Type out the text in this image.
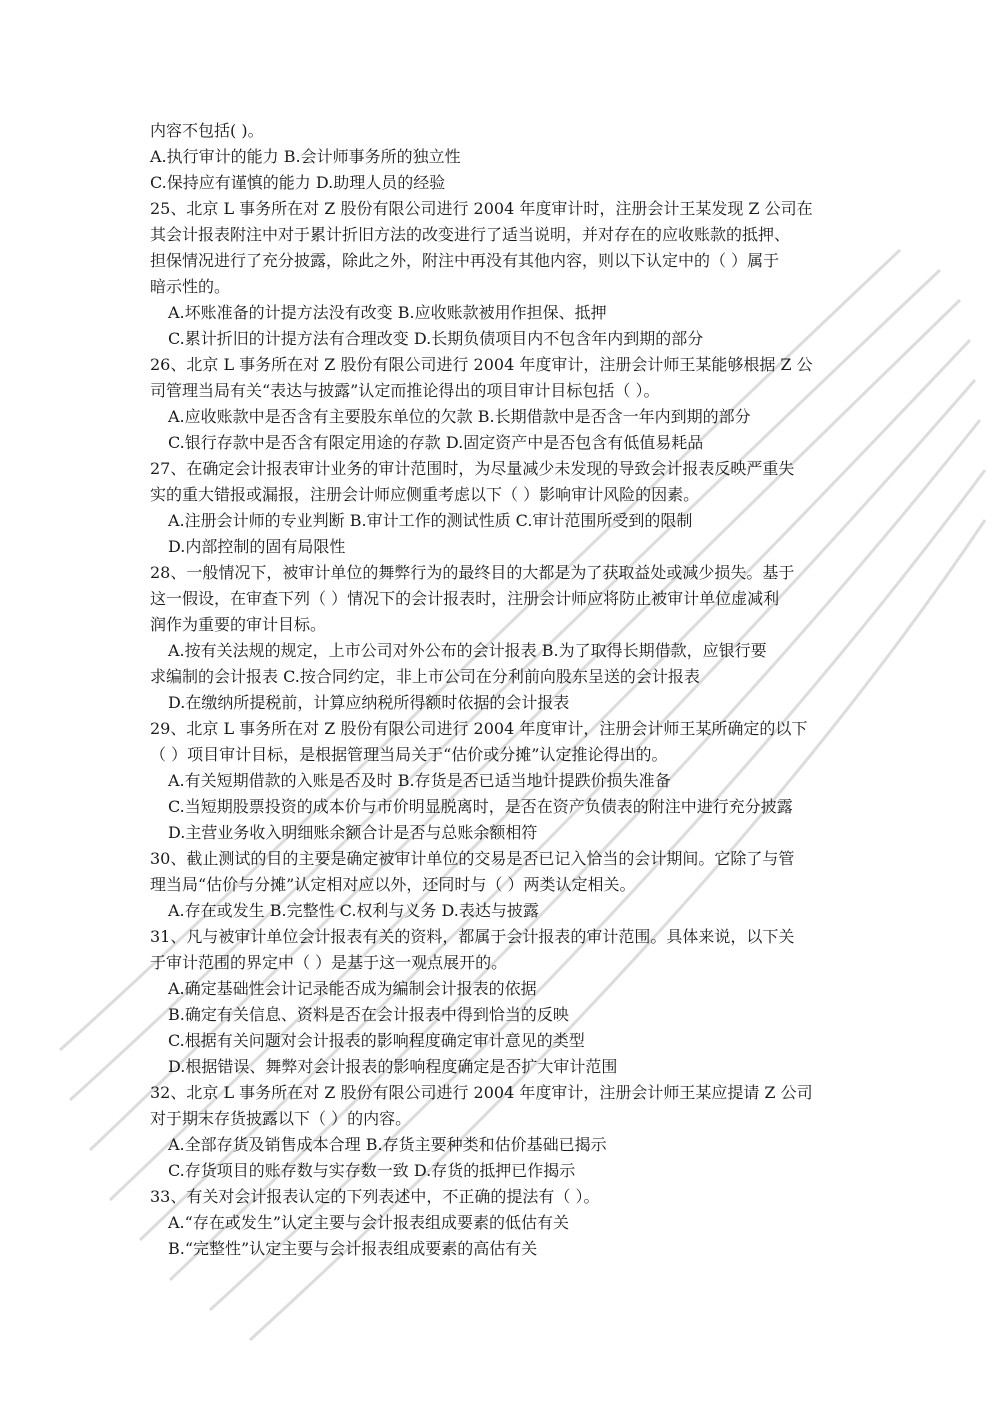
内容不包括( )。
A.执行审计的能力 B.会计师事务所的独立性
C.保持应有谨慎的能力 D.助理人员的经验
25、北京 L 事务所在对 Z 股份有限公司进行 2004 年度审计时，注册会计王某发现 Z 公司在
其会计报表附注中对于累计折旧方法的改变进行了适当说明，并对存在的应收账款的抵押、
担保情况进行了充分披露，除此之外，附注中再没有其他内容，则以下认定中的（ ）属于
暗示性的。
A.坏账准备的计提方法没有改变 B.应收账款被用作担保、抵押
C.累计折旧的计提方法有合理改变 D.长期负债项目内不包含年内到期的部分
26、北京 L 事务所在对 Z 股份有限公司进行 2004 年度审计，注册会计师王某能够根据 Z 公
司管理当局有关“表达与披露”认定而推论得出的项目审计目标包括（ ）。
A.应收账款中是否含有主要股东单位的欠款 B.长期借款中是否含一年内到期的部分
C.银行存款中是否含有限定用途的存款 D.固定资产中是否包含有低值易耗品
27、在确定会计报表审计业务的审计范围时，为尽量减少未发现的导致会计报表反映严重失
实的重大错报或漏报，注册会计师应侧重考虑以下（ ）影响审计风险的因素。
A.注册会计师的专业判断 B.审计工作的测试性质 C.审计范围所受到的限制
D.内部控制的固有局限性
28、一般情况下，被审计单位的舞弊行为的最终目的大都是为了获取益处或减少损失。基于
这一假设，在审查下列（ ）情况下的会计报表时，注册会计师应将防止被审计单位虚减利
润作为重要的审计目标。
A.按有关法规的规定，上市公司对外公布的会计报表 B.为了取得长期借款，应银行要
求编制的会计报表 C.按合同约定，非上市公司在分利前向股东呈送的会计报表
D.在缴纳所提税前，计算应纳税所得额时依据的会计报表
29、北京 L 事务所在对 Z 股份有限公司进行 2004 年度审计，注册会计师王某所确定的以下
（ ）项目审计目标，是根据管理当局关于“估价或分摊”认定推论得出的。
A.有关短期借款的入账是否及时 B.存货是否已适当地计提跌价损失准备
C.当短期股票投资的成本价与市价明显脱离时，是否在资产负债表的附注中进行充分披露
D.主营业务收入明细账余额合计是否与总账余额相符
30、截止测试的目的主要是确定被审计单位的交易是否已记入恰当的会计期间。它除了与管
理当局“估价与分摊”认定相对应以外，还同时与（ ）两类认定相关。
A.存在或发生 B.完整性 C.权利与义务 D.表达与披露
31、凡与被审计单位会计报表有关的资料，都属于会计报表的审计范围。具体来说，以下关
于审计范围的界定中（ ）是基于这一观点展开的。
A.确定基础性会计记录能否成为编制会计报表的依据
B.确定有关信息、资料是否在会计报表中得到恰当的反映
C.根据有关问题对会计报表的影响程度确定审计意见的类型
D.根据错误、舞弊对会计报表的影响程度确定是否扩大审计范围
32、北京 L 事务所在对 Z 股份有限公司进行 2004 年度审计，注册会计师王某应提请 Z 公司
对于期末存货披露以下（ ）的内容。
A.全部存货及销售成本合理 B.存货主要种类和估价基础已揭示
C.存货项目的账存数与实存数一致 D.存货的抵押已作揭示
33、有关对会计报表认定的下列表述中，不正确的提法有（ ）。
A.“存在或发生”认定主要与会计报表组成要素的低估有关
B.“完整性”认定主要与会计报表组成要素的高估有关
